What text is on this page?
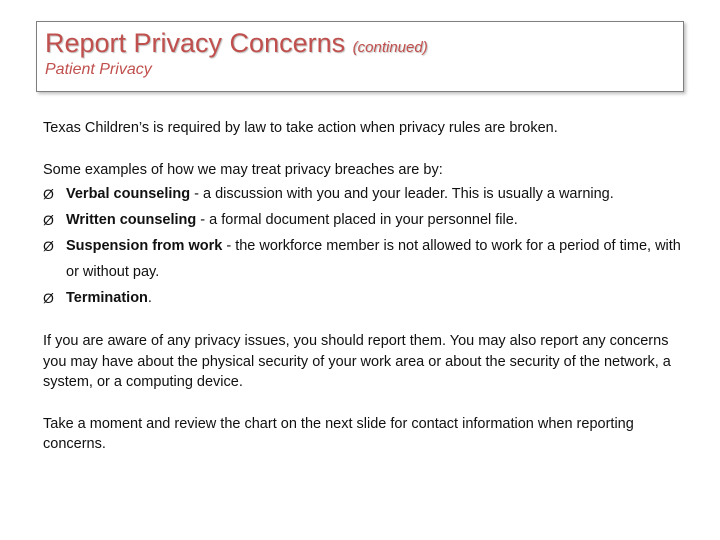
Report Privacy Concerns (continued)
Patient Privacy

Texas Children’s is required by law to take action when privacy rules are broken.

Some examples of how we may treat privacy breaches are by:

Ø Verbal counseling - a discussion with you and your leader. This is usually a warning.
Ø Written counseling - a formal document placed in your personnel file.
Ø Suspension from work - the workforce member is not allowed to work for a period of time, with or without pay.
Ø Termination.

If you are aware of any privacy issues, you should report them. You may also report any concerns you may have about the physical security of your work area or about the security of the network, a system, or a computing device.

Take a moment and review the chart on the next slide for contact information when reporting concerns.
